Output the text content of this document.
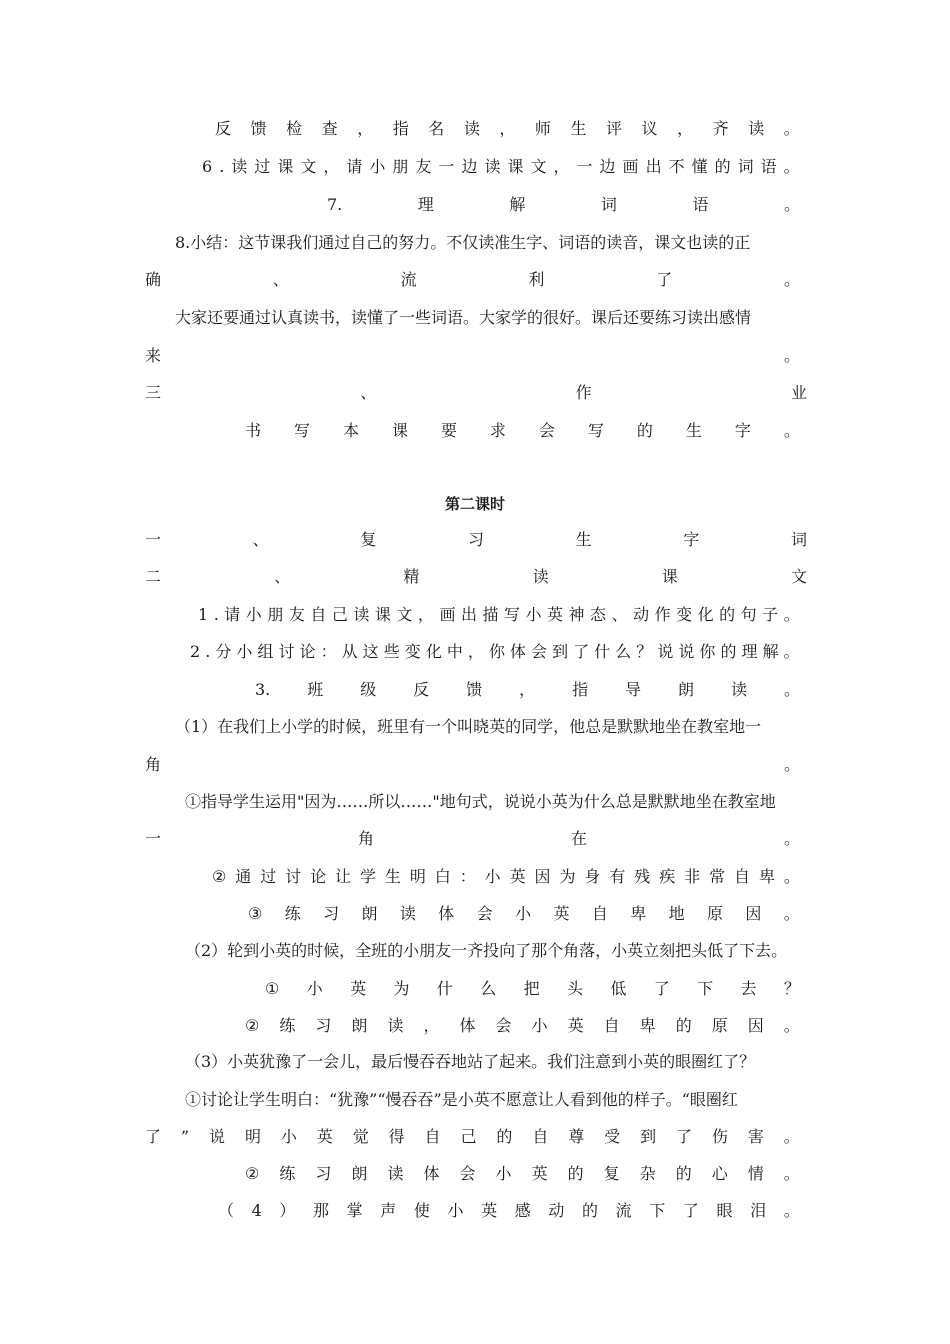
反 馈 检 查 ， 指 名 读 ， 师 生 评 议 ， 齐 读 。
6 . 读 过 课 文 ， 请 小 朋 友 一 边 读 课 文 ， 一 边 画 出 不 懂 的 词 语 。
7.	理	解	词	语	。
8.小结：这节课我们通过自己的努力。不仅读准生字、词语的读音，课文也读的正
确	、	流	利	了	。
大家还要通过认真读书，读懂了一些词语。大家学的很好。课后还要练习读出感情
来	。
三	、	作	业
书 写 本 课 要 求 会 写 的 生 字 。
第二课时
一	、	复	习	生	字	词
二	、	精	读	课	文
1 . 请 小 朋 友 自 己 读 课 文 ， 画 出 描 写 小 英 神 态 、 动 作 变 化 的 句 子 。
2 . 分 小 组 讨 论 ： 从 这 些 变 化 中 ， 你 体 会 到 了 什 么 ？ 说 说 你 的 理 解 。
3. 班 级 反 馈 ， 指 导 朗 读 。
（1）在我们上小学的时候，班里有一个叫晓英的同学，他总是默默地坐在教室地一
角	。
①指导学生运用"因为……所以……"地句式，说说小英为什么总是默默地坐在教室地
一	角	在	。
② 通 过 讨 论 让 学 生 明 白 ： 小 英 因 为 身 有 残 疾 非 常 自 卑 。
③ 练 习 朗 读 体 会 小 英 自 卑 地 原 因 。
（2）轮到小英的时候，全班的小朋友一齐投向了那个角落，小英立刻把头低了下去。
① 小 英 为 什 么 把 头 低 了 下 去 ？
② 练 习 朗 读 ， 体 会 小 英 自 卑 的 原 因 。
（3）小英犹豫了一会儿，最后慢吞吞地站了起来。我们注意到小英的眼圈红了？
①讨论让学生明白：“犹豫”“慢吞吞”是小英不愿意让人看到他的样子。“眼圈红
了 ” 说 明 小 英 觉 得 自 己 的 自 尊 受 到 了 伤 害 。
② 练 习 朗 读 体 会 小 英 的 复 杂 的 心 情 。
（ 4 ） 那 掌 声 使 小 英 感 动 的 流 下 了 眼 泪 。
